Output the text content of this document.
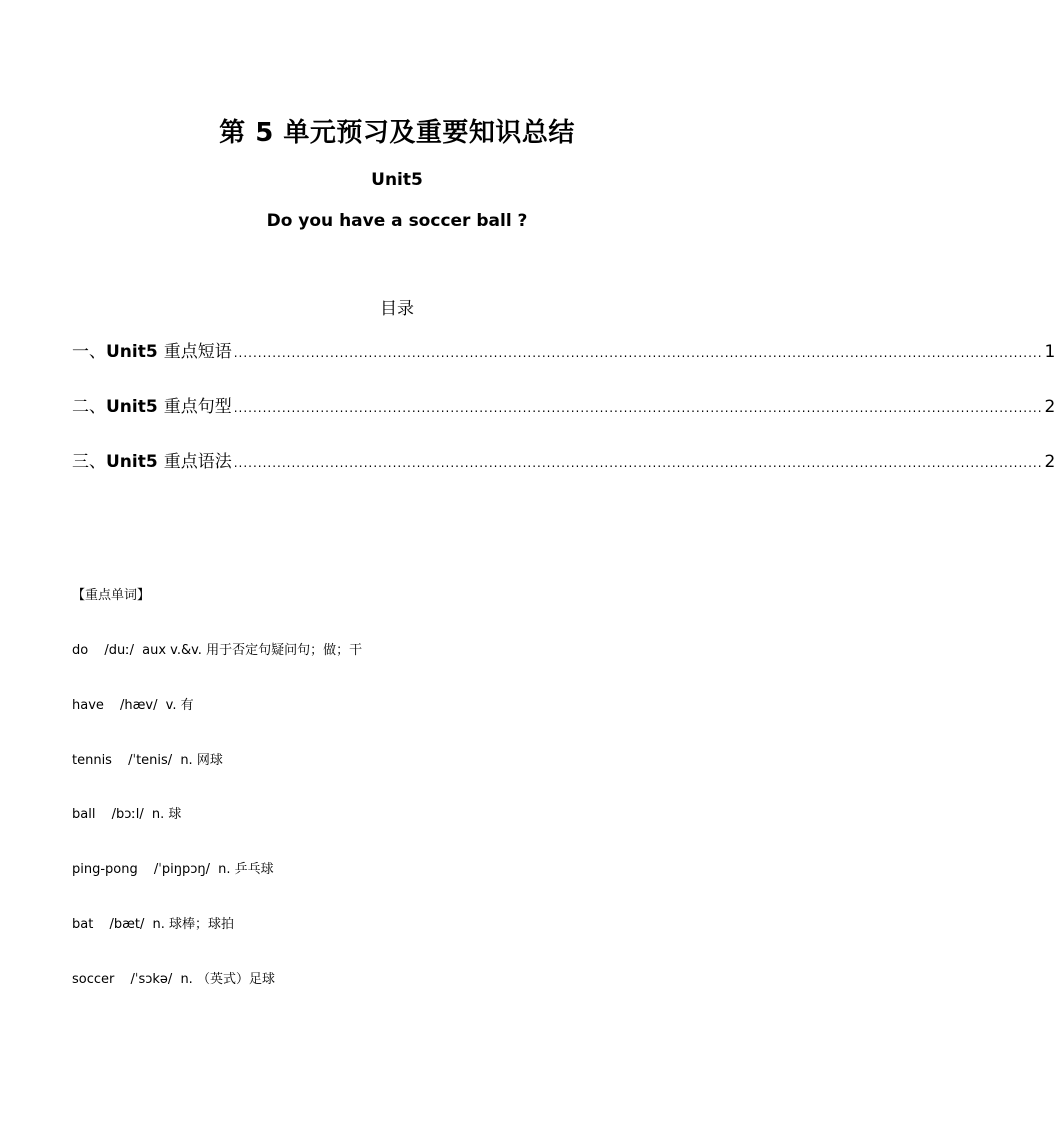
第 5 单元预习及重要知识总结
Unit5
Do you have a soccer ball ?
目录
一、 Unit5 重点短语 ........................................................................................................................................................................ 1
二、 Unit5 重点句型 ........................................................................................................................................................................ 2
三、 Unit5 重点语法 ........................................................................................................................................................................ 2
【重点单词】
do /duː/ aux v.&v. 用于否定句疑问句；做；干
have /hæv/ v. 有
tennis /ˈtenis/ n. 网球
ball /bɔːl/ n. 球
ping-pong /ˈpiŋpɔŋ/ n. 乒乓球
bat /bæt/ n. 球棒；球拍
soccer /ˈsɔkə/ n. （英式）足球
